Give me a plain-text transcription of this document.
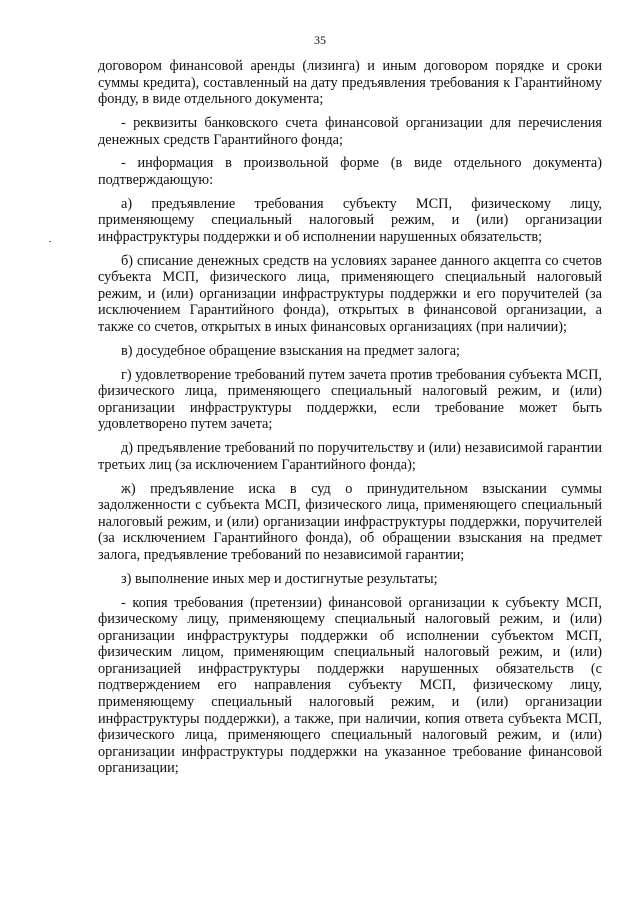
35

договором финансовой аренды (лизинга) и иным договором порядке и сроки суммы кредита), составленный на дату предъявления требования к Гарантийному фонду, в виде отдельного документа;

- реквизиты банковского счета финансовой организации для перечисления денежных средств Гарантийного фонда;

- информация в произвольной форме (в виде отдельного документа) подтверждающую:

а) предъявление требования субъекту МСП, физическому лицу, применяющему специальный налоговый режим, и (или) организации инфраструктуры поддержки и об исполнении нарушенных обязательств;

б) списание денежных средств на условиях заранее данного акцепта со счетов субъекта МСП, физического лица, применяющего специальный налоговый режим, и (или) организации инфраструктуры поддержки и его поручителей (за исключением Гарантийного фонда), открытых в финансовой организации, а также со счетов, открытых в иных финансовых организациях (при наличии);

в) досудебное обращение взыскания на предмет залога;

г) удовлетворение требований путем зачета против требования субъекта МСП, физического лица, применяющего специальный налоговый режим, и (или) организации инфраструктуры поддержки, если требование может быть удовлетворено путем зачета;

д) предъявление требований по поручительству и (или) независимой гарантии третьих лиц (за исключением Гарантийного фонда);

ж) предъявление иска в суд о принудительном взыскании суммы задолженности с субъекта МСП, физического лица, применяющего специальный налоговый режим, и (или) организации инфраструктуры поддержки, поручителей (за исключением Гарантийного фонда), об обращении взыскания на предмет залога, предъявление требований по независимой гарантии;

з) выполнение иных мер и достигнутые результаты;

- копия требования (претензии) финансовой организации к субъекту МСП, физическому лицу, применяющему специальный налоговый режим, и (или) организации инфраструктуры поддержки об исполнении субъектом МСП, физическим лицом, применяющим специальный налоговый режим, и (или) организацией инфраструктуры поддержки нарушенных обязательств (с подтверждением его направления субъекту МСП, физическому лицу, применяющему специальный налоговый режим, и (или) организации инфраструктуры поддержки), а также, при наличии, копия ответа субъекта МСП, физического лица, применяющего специальный налоговый режим, и (или) организации инфраструктуры поддержки на указанное требование финансовой организации;
